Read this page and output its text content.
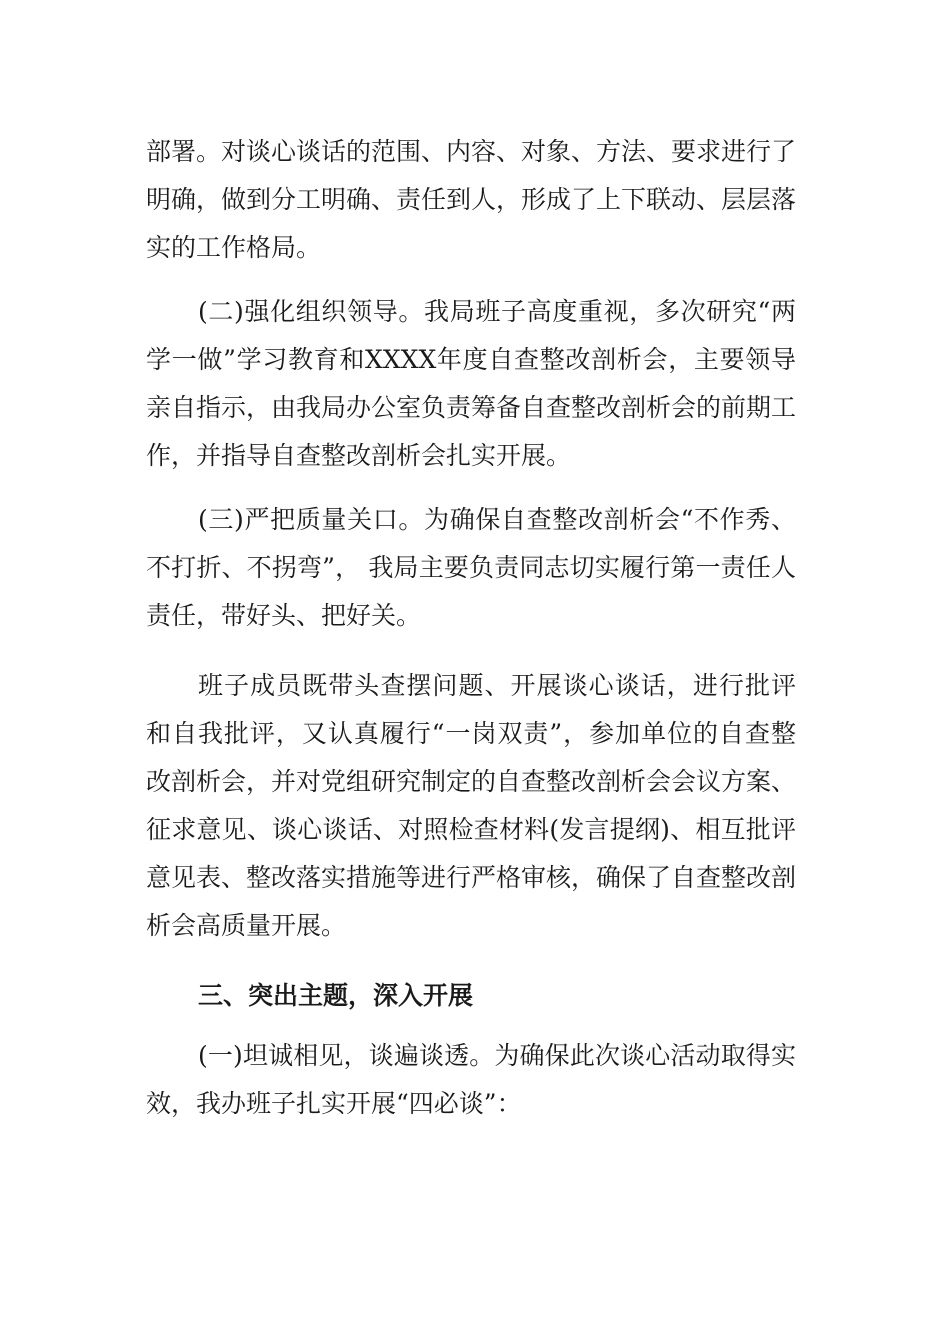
部署。对谈心谈话的范围、内容、对象、方法、要求进行了明确，做到分工明确、责任到人，形成了上下联动、层层落实的工作格局。

(二)强化组织领导。我局班子高度重视，多次研究“两学一做”学习教育和XXXX年度自查整改剖析会，主要领导亲自指示，由我局办公室负责筹备自查整改剖析会的前期工作，并指导自查整改剖析会扎实开展。

(三)严把质量关口。为确保自查整改剖析会“不作秀、不打折、不拐弯”， 我局主要负责同志切实履行第一责任人责任，带好头、把好关。

班子成员既带头查摆问题、开展谈心谈话，进行批评和自我批评，又认真履行“一岗双责”，参加单位的自查整改剖析会，并对党组研究制定的自查整改剖析会会议方案、征求意见、谈心谈话、对照检查材料(发言提纲)、相互批评意见表、整改落实措施等进行严格审核，确保了自查整改剖析会高质量开展。

三、突出主题，深入开展

(一)坦诚相见，谈遍谈透。为确保此次谈心活动取得实效，我办班子扎实开展“四必谈”：
